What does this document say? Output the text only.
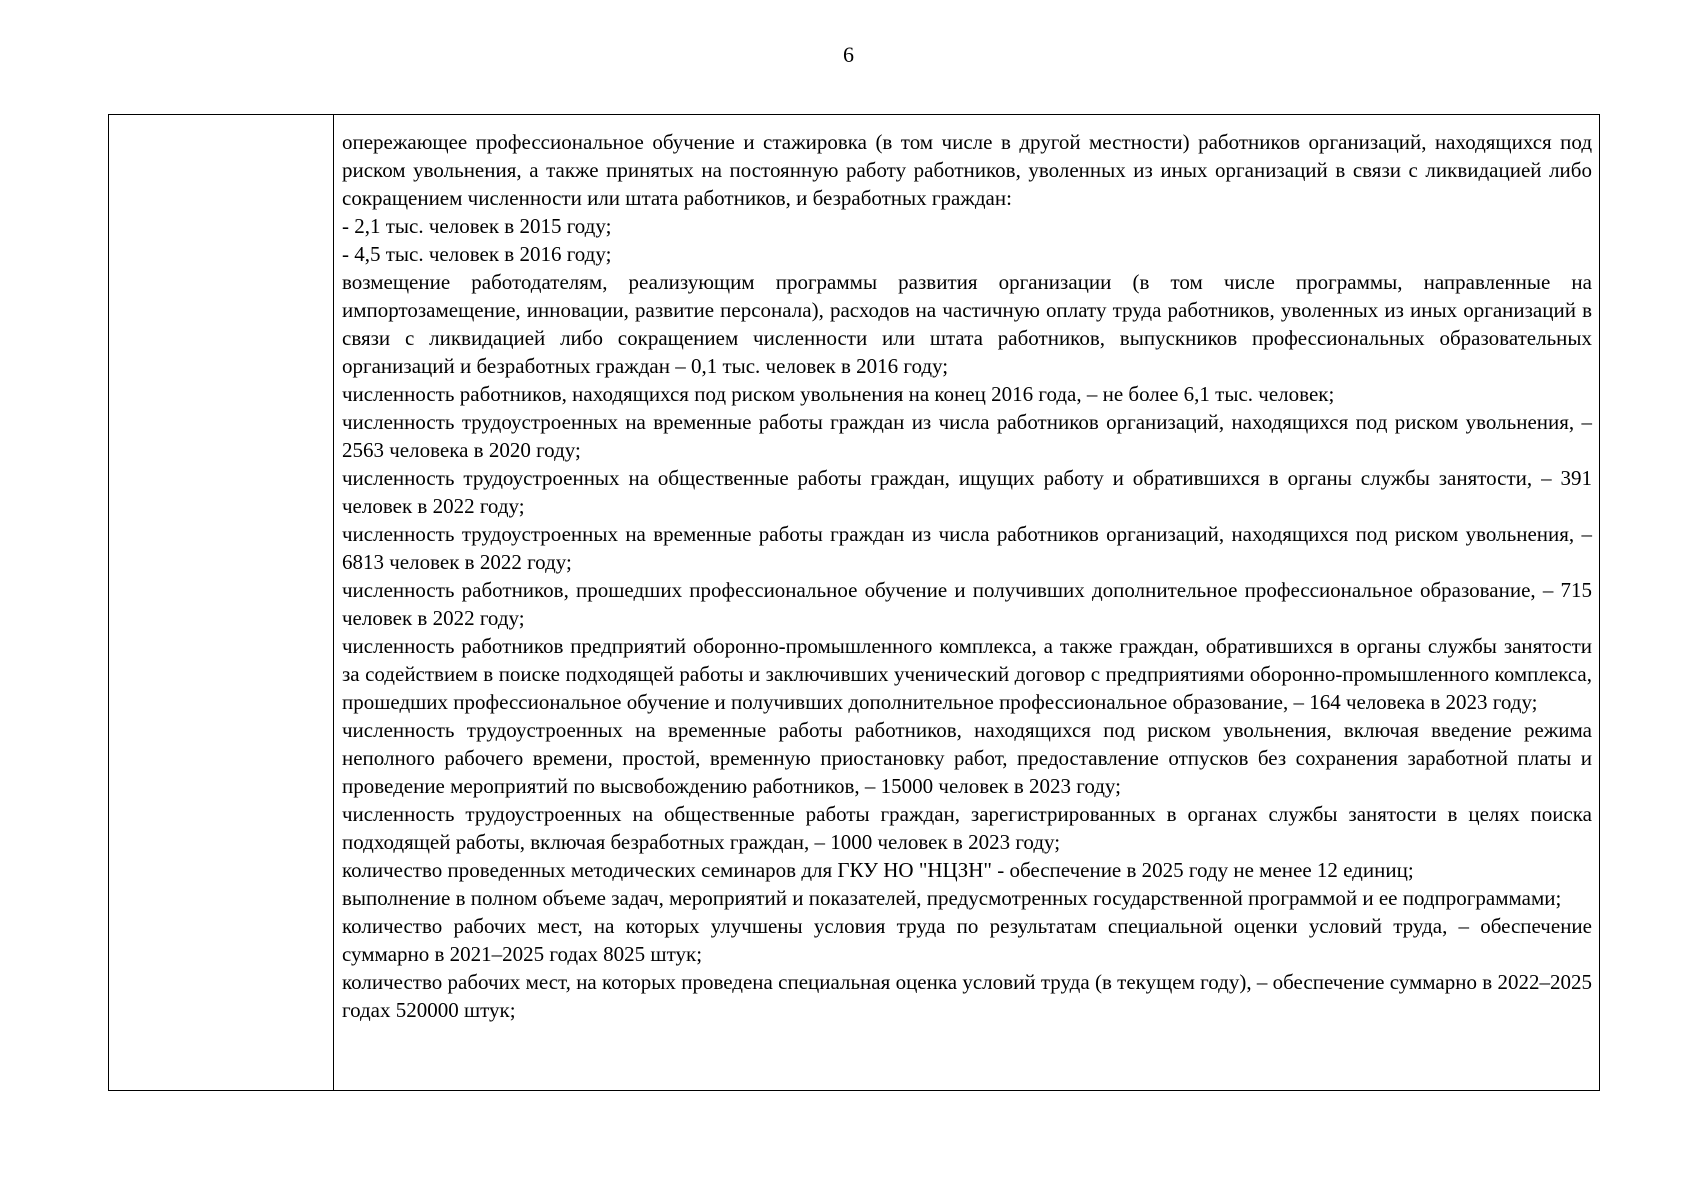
6

опережающее профессиональное обучение и стажировка (в том числе в другой местности) работников организаций, находящихся под риском увольнения, а также принятых на постоянную работу работников, уволенных из иных организаций в связи с ликвидацией либо сокращением численности или штата работников, и безработных граждан:

- 2,1 тыс. человек в 2015 году;

- 4,5 тыс. человек в 2016 году;

возмещение работодателям, реализующим программы развития организации (в том числе программы, направленные на импортозамещение, инновации, развитие персонала), расходов на частичную оплату труда работников, уволенных из иных организаций в связи с ликвидацией либо сокращением численности или штата работников, выпускников профессиональных образовательных организаций и безработных граждан – 0,1 тыс. человек в 2016 году;

численность работников, находящихся под риском увольнения на конец 2016 года, – не более 6,1 тыс. человек;

численность трудоустроенных на временные работы граждан из числа работников организаций, находящихся под риском увольнения, – 2563 человека в 2020 году;

численность трудоустроенных на общественные работы граждан, ищущих работу и обратившихся в органы службы занятости, – 391 человек в 2022 году;

численность трудоустроенных на временные работы граждан из числа работников организаций, находящихся под риском увольнения, – 6813 человек в 2022 году;

численность работников, прошедших профессиональное обучение и получивших дополнительное профессиональное образование, – 715 человек в 2022 году;

численность работников предприятий оборонно-промышленного комплекса, а также граждан, обратившихся в органы службы занятости за содействием в поиске подходящей работы и заключивших ученический договор с предприятиями оборонно-промышленного комплекса, прошедших профессиональное обучение и получивших дополнительное профессиональное образование, – 164 человека в 2023 году;

численность трудоустроенных на временные работы работников, находящихся под риском увольнения, включая введение режима неполного рабочего времени, простой, временную приостановку работ, предоставление отпусков без сохранения заработной платы и проведение мероприятий по высвобождению работников, – 15000 человек в 2023 году;

численность трудоустроенных на общественные работы граждан, зарегистрированных в органах службы занятости в целях поиска подходящей работы, включая безработных граждан, – 1000 человек в 2023 году;

количество проведенных методических семинаров для ГКУ НО "НЦЗН" - обеспечение в 2025 году не менее 12 единиц;

выполнение в полном объеме задач, мероприятий и показателей, предусмотренных государственной программой и ее подпрограммами;

количество рабочих мест, на которых улучшены условия труда по результатам специальной оценки условий труда, – обеспечение суммарно в 2021–2025 годах 8025 штук;

количество рабочих мест, на которых проведена специальная оценка условий труда (в текущем году), – обеспечение суммарно в 2022–2025 годах 520000 штук;
